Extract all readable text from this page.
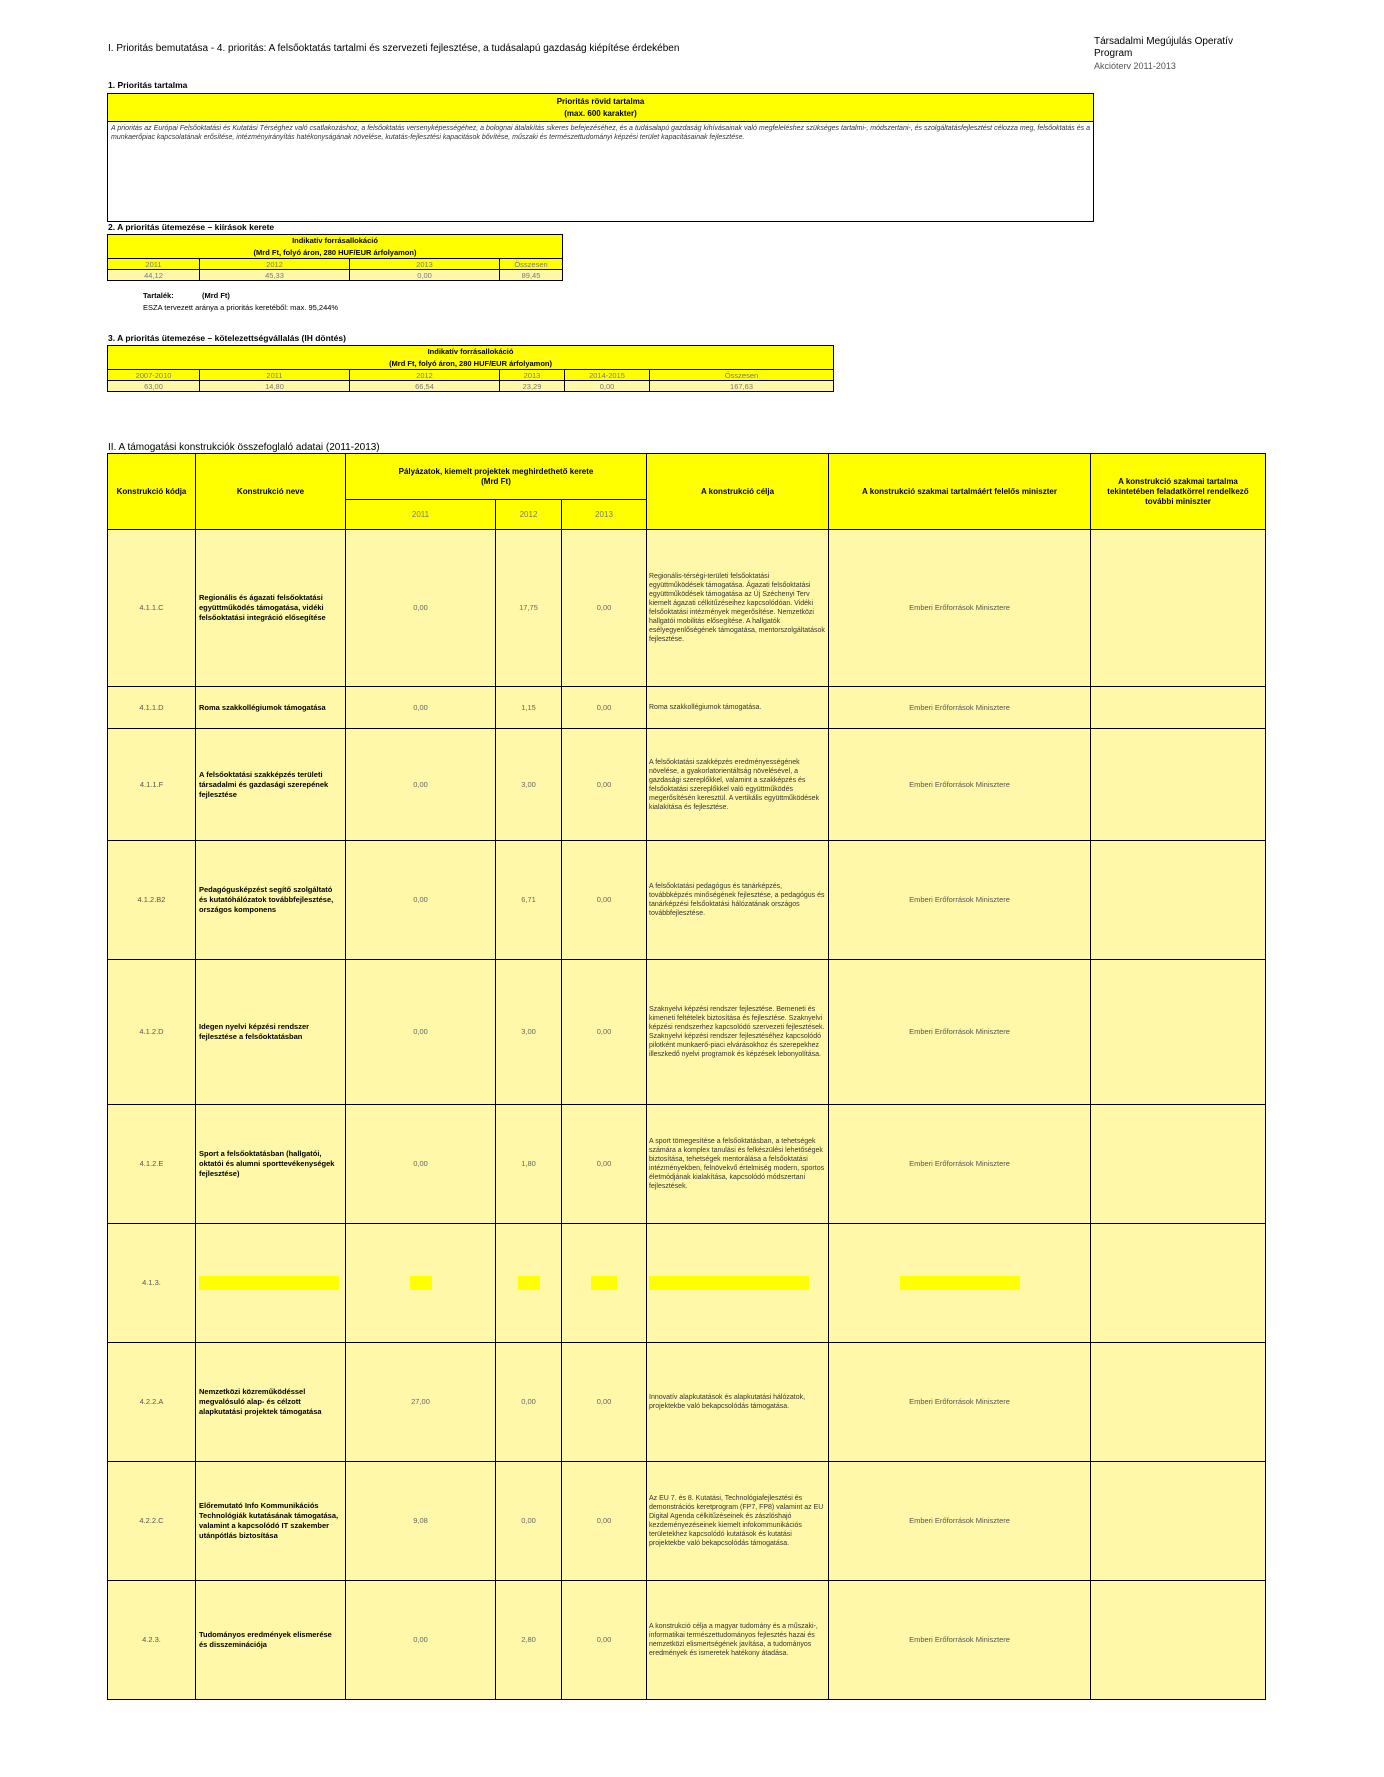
I. Prioritás bemutatása - 4. prioritás: A felsőoktatás tartalmi és szervezeti fejlesztése, a tudásalapú gazdaság kiépítése érdekében
Társadalmi Megújulás Operatív
Program
Akcióterv 2011-2013
1. Prioritás tartalma
Prioritás rövid tartalma
(max. 600 karakter)
A prioritás az Európai Felsőoktatási és Kutatási Térséghez való csatlakozáshoz, a felsőoktatás versenyképességéhez, a bolognai átalakítás sikeres befejezéséhez, és a tudásalapú gazdaság kihívásainak való megfeleléshez szükséges tartalmi-, módszertani-, és szolgáltatásfejlesztést célozza meg, felsőoktatás és a munkaerőpiac kapcsolatának erősítése, intézményirányítás hatékonyságának növelése, kutatás-fejlesztési kapacitások bővítése, műszaki és természettudományi képzési terület kapacitásainak fejlesztése.
2. A prioritás ütemezése – kiírások kerete
Indikatív forrásallokáció			
(Mrd Ft, folyó áron, 280 HUF/EUR árfolyamon)			
2011	2012	2013	Összesen
44,12	45,33	0,00	89,45
Tartalék:	(Mrd Ft)
ESZA tervezett aránya a prioritás keretéből: max. 95,244%
3. A prioritás ütemezése – kötelezettségvállalás (IH döntés)
Indikatív forrásallokáció					
(Mrd Ft, folyó áron, 280 HUF/EUR árfolyamon)					
2007-2010	2011	2012	2013	2014-2015	Összesen
63,00	14,80	66,54	23,29	0,00	167,63
II. A támogatási konstrukciók összefoglaló adatai (2011-2013)
Konstrukció kódja	Konstrukció neve	Pályázatok, kiemelt projektek meghirdethető kerete
(Mrd Ft)			A konstrukció célja	A konstrukció szakmai tartalmáért felelős miniszter	A konstrukció szakmai tartalma tekintetében feladatkörrel rendelkező további miniszter
		2011	2012	2013			
4.1.1.C	Regionális és ágazati felsőoktatási együttműködés támogatása, vidéki felsőoktatási integráció elősegítése	0,00	17,75	0,00	Regionális-térségi-területi felsőoktatási együttműködések támogatása. Ágazati felsőoktatási együttműködések támogatása az Új Széchenyi Terv kiemelt ágazati célkitűzéseihez kapcsolódóan. Vidéki felsőoktatási intézmények megerősítése. Nemzetközi hallgatói mobilitás elősegítése. A hallgatók esélyegyenlőségének támogatása, mentorszolgáltatások fejlesztése.	Emberi Erőforrások Minisztere	
4.1.1.D	Roma szakkollégiumok támogatása	0,00	1,15	0,00	Roma szakkollégiumok támogatása.	Emberi Erőforrások Minisztere	
4.1.1.F	A felsőoktatási szakképzés területi társadalmi és gazdasági szerepének fejlesztése	0,00	3,00	0,00	A felsőoktatási szakképzés eredményességének növelése, a gyakorlatorientáltság növelésével, a gazdasági szereplőkkel, valamint a szakképzés és felsőoktatási szereplőkkel való együttműködés megerősítésén keresztül. A vertikális együttműködések kialakítása és fejlesztése.	Emberi Erőforrások Minisztere	
4.1.2.B2	Pedagógusképzést segítő szolgáltató és kutatóhálózatok továbbfejlesztése, országos komponens	0,00	6,71	0,00	A felsőoktatási pedagógus és tanárképzés, továbbképzés minőségének fejlesztése, a pedagógus és tanárképzési felsőoktatási hálózatának országos továbbfejlesztése.	Emberi Erőforrások Minisztere	
4.1.2.D	Idegen nyelvi képzési rendszer fejlesztése a felsőoktatásban	0,00	3,00	0,00	Szaknyelvi képzési rendszer fejlesztése. Bemeneti és kimeneti feltételek biztosítása és fejlesztése. Szaknyelvi képzési rendszerhez kapcsolódó szervezeti fejlesztések. Szaknyelvi képzési rendszer fejlesztéséhez kapcsolódó pilotként munkaerő-piaci elvárásokhoz és szerepekhez illeszkedő nyelvi programok és képzések lebonyolítása.	Emberi Erőforrások Minisztere	
4.1.2.E	Sport a felsőoktatásban (hallgatói, oktatói és alumni sporttevékenységek fejlesztése)	0,00	1,80	0,00	A sport tömegesítése a felsőoktatásban, a tehetségek számára a komplex tanulási és felkészülési lehetőségek biztosítása, tehetségek mentorálása a felsőoktatási intézményekben, felnövekvő értelmiség modern, sportos életmódjának kialakítása, kapcsolódó módszertani fejlesztések.	Emberi Erőforrások Minisztere	
4.1.3.							
4.2.2.A	Nemzetközi közreműködéssel megvalósuló alap- és célzott alapkutatási projektek támogatása	27,00	0,00	0,00	Innovatív alapkutatások és alapkutatási hálózatok, projektekbe való bekapcsolódás támogatása.	Emberi Erőforrások Minisztere	
4.2.2.C	Előremutató Info Kommunikációs Technológiák kutatásának támogatása, valamint a kapcsolódó IT szakember utánpótlás biztosítása	9,08	0,00	0,00	Az EU 7. és 8. Kutatási, Technológiafejlesztési és demonstrációs keretprogram (FP7, FP8) valamint az EU Digital Agenda célkitűzéseinek és zászlóshajó kezdeményezéseinek kiemelt infokommunikációs területekhez kapcsolódó kutatások és kutatási projektekbe való bekapcsolódás támogatása.	Emberi Erőforrások Minisztere	
4.2.3.	Tudományos eredmények elismerése és disszeminációja	0,00	2,80	0,00	A konstrukció célja a magyar tudomány és a műszaki-, informatikai természettudományos fejlesztés hazai és nemzetközi elismertségének javítása, a tudományos eredmények és ismeretek hatékony átadása.	Emberi Erőforrások Minisztere	
